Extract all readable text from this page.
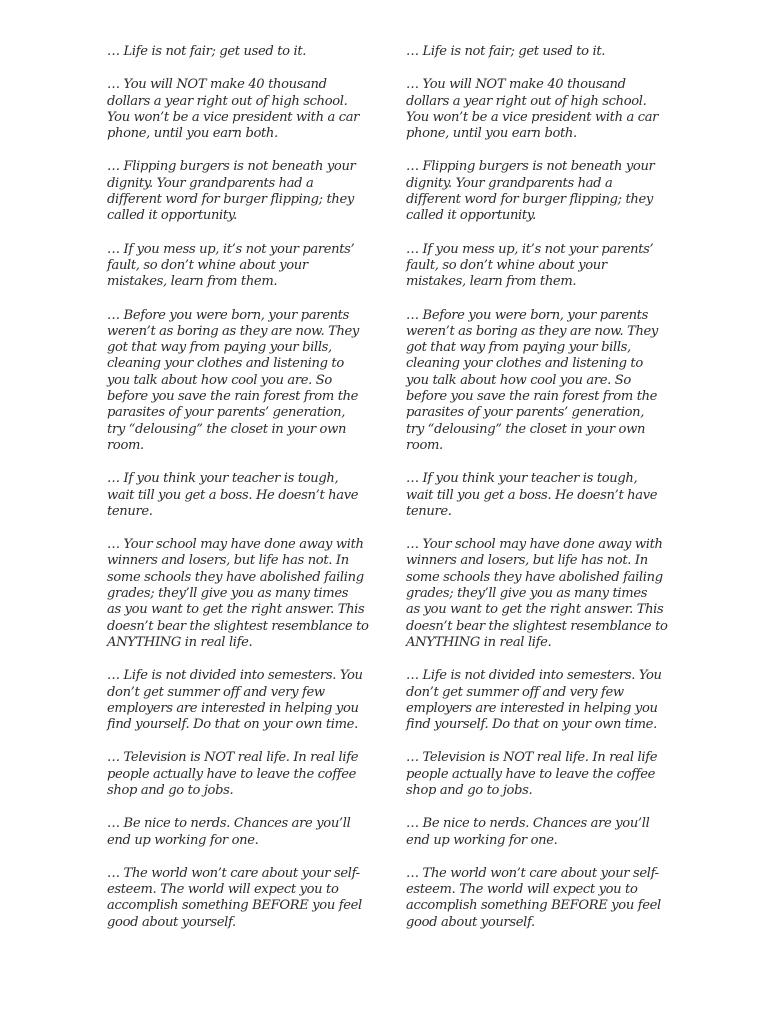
… Life is not fair; get used to it.

… You will NOT make 40 thousand
dollars a year right out of high school.
You won’t be a vice president with a car
phone, until you earn both.

… Flipping burgers is not beneath your
dignity. Your grandparents had a
different word for burger flipping; they
called it opportunity.

… If you mess up, it’s not your parents’
fault, so don’t whine about your
mistakes, learn from them.

… Before you were born, your parents
weren’t as boring as they are now. They
got that way from paying your bills,
cleaning your clothes and listening to
you talk about how cool you are. So
before you save the rain forest from the
parasites of your parents’ generation,
try “delousing” the closet in your own
room.

… If you think your teacher is tough,
wait till you get a boss. He doesn’t have
tenure.

… Your school may have done away with
winners and losers, but life has not. In
some schools they have abolished failing
grades; they’ll give you as many times
as you want to get the right answer. This
doesn’t bear the slightest resemblance to
ANYTHING in real life.

… Life is not divided into semesters. You
don’t get summer off and very few
employers are interested in helping you
find yourself. Do that on your own time.

… Television is NOT real life. In real life
people actually have to leave the coffee
shop and go to jobs.

… Be nice to nerds. Chances are you’ll
end up working for one.

… The world won’t care about your self-
esteem. The world will expect you to
accomplish something BEFORE you feel
good about yourself.

… Life is not fair; get used to it.

… You will NOT make 40 thousand
dollars a year right out of high school.
You won’t be a vice president with a car
phone, until you earn both.

… Flipping burgers is not beneath your
dignity. Your grandparents had a
different word for burger flipping; they
called it opportunity.

… If you mess up, it’s not your parents’
fault, so don’t whine about your
mistakes, learn from them.

… Before you were born, your parents
weren’t as boring as they are now. They
got that way from paying your bills,
cleaning your clothes and listening to
you talk about how cool you are. So
before you save the rain forest from the
parasites of your parents’ generation,
try “delousing” the closet in your own
room.

… If you think your teacher is tough,
wait till you get a boss. He doesn’t have
tenure.

… Your school may have done away with
winners and losers, but life has not. In
some schools they have abolished failing
grades; they’ll give you as many times
as you want to get the right answer. This
doesn’t bear the slightest resemblance to
ANYTHING in real life.

… Life is not divided into semesters. You
don’t get summer off and very few
employers are interested in helping you
find yourself. Do that on your own time.

… Television is NOT real life. In real life
people actually have to leave the coffee
shop and go to jobs.

… Be nice to nerds. Chances are you’ll
end up working for one.

… The world won’t care about your self-
esteem. The world will expect you to
accomplish something BEFORE you feel
good about yourself.
